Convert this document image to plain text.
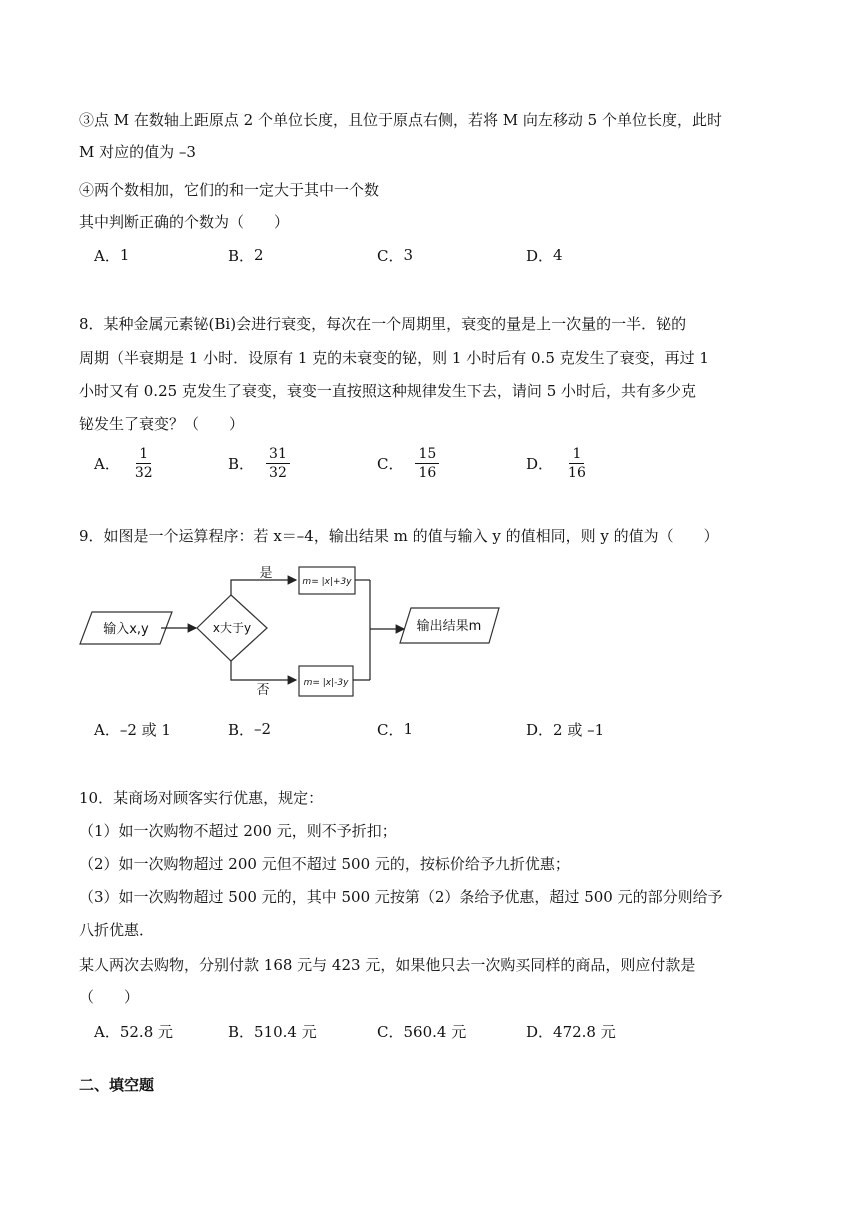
③点 M 在数轴上距原点 2 个单位长度，且位于原点右侧，若将 M 向左移动 5 个单位长度，此时
M 对应的值为 –3
④两个数相加，它们的和一定大于其中一个数
其中判断正确的个数为（　　）
A． 1	B． 2	C． 3	D． 4
8．某种金属元素铋(Bi)会进行衰变，每次在一个周期里，衰变的量是上一次量的一半．铋的
周期（半衰期是 1 小时．设原有 1 克的未衰变的铋，则 1 小时后有 0.5 克发生了衰变，再过 1
小时又有 0.25 克发生了衰变，衰变一直按照这种规律发生下去，请问 5 小时后，共有多少克
铋发生了衰变？（　　）
A． $\frac{1}{32}$	B． $\frac{31}{32}$	C． $\frac{15}{16}$	D． $\frac{1}{16}$
9．如图是一个运算程序：若 x＝–4，输出结果 m 的值与输入 y 的值相同，则 y 的值为（　　）
输入x,y	x大于y
是
m= |x|+3y
否	m= |x|-3y
输出结果m
A． –2 或 1	B． –2	C． 1	D． 2 或 –1
10．某商场对顾客实行优惠，规定：
（1）如一次购物不超过 200 元，则不予折扣；
（2）如一次购物超过 200 元但不超过 500 元的，按标价给予九折优惠；
（3）如一次购物超过 500 元的，其中 500 元按第（2）条给予优惠，超过 500 元的部分则给予
八折优惠．
某人两次去购物，分别付款 168 元与 423 元，如果他只去一次购买同样的商品，则应付款是
（　　）
A． 52.8 元	B． 510.4 元	C． 560.4 元	D． 472.8 元
二、填空题
